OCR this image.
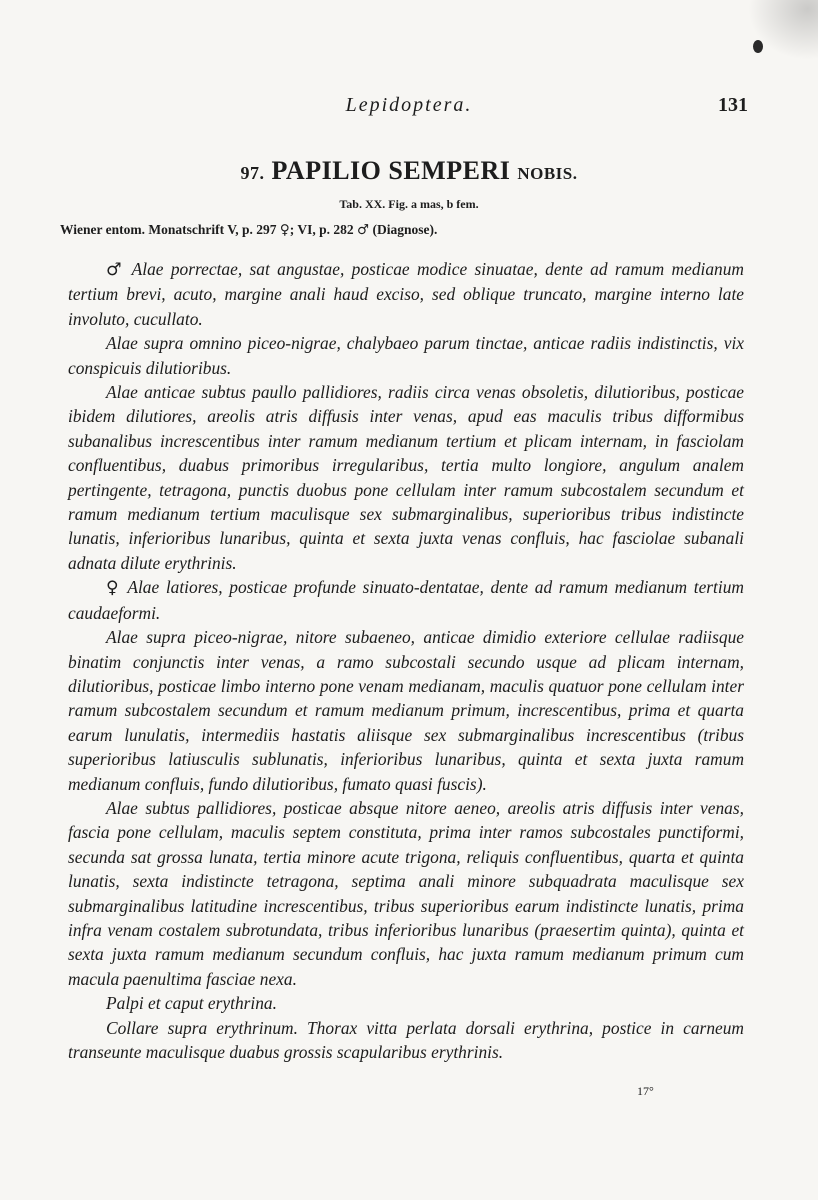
Lepidoptera.	131
97. PAPILIO SEMPERI NOBIS.
Tab. XX. Fig. a mas, b fem.
Wiener entom. Monatschrift V, p. 297 ♀; VI, p. 282 ♂ (Diagnose).

♂ Alae porrectae, sat angustae, posticae modice sinuatae, dente ad ramum medianum tertium brevi, acuto, margine anali haud exciso, sed oblique truncato, margine interno late involuto, cucullato.

Alae supra omnino piceo-nigrae, chalybaeo parum tinctae, anticae radiis indistinctis, vix conspicuis dilutioribus.

Alae anticae subtus paullo pallidiores, radiis circa venas obsoletis, dilutioribus, posticae ibidem dilutiores, areolis atris diffusis inter venas, apud eas maculis tribus difformibus subanalibus increscentibus inter ramum medianum tertium et plicam internam, in fasciolam confluentibus, duabus primoribus irregularibus, tertia multo longiore, angulum analem pertingente, tetragona, punctis duobus pone cellulam inter ramum subcostalem secundum et ramum medianum tertium maculisque sex submarginalibus, superioribus tribus indistincte lunatis, inferioribus lunaribus, quinta et sexta juxta venas confluis, hac fasciolae subanali adnata dilute erythrinis.

♀ Alae latiores, posticae profunde sinuato-dentatae, dente ad ramum medianum tertium caudaeformi.

Alae supra piceo-nigrae, nitore subaeneo, anticae dimidio exteriore cellulae radiisque binatim conjunctis inter venas, a ramo subcostali secundo usque ad plicam internam, dilutioribus, posticae limbo interno pone venam medianam, maculis quatuor pone cellulam inter ramum subcostalem secundum et ramum medianum primum, increscentibus, prima et quarta earum lunulatis, intermediis hastatis aliisque sex submarginalibus increscentibus (tribus superioribus latiusculis sublunatis, inferioribus lunaribus, quinta et sexta juxta ramum medianum confluis, fundo dilutioribus, fumato quasi fuscis).

Alae subtus pallidiores, posticae absque nitore aeneo, areolis atris diffusis inter venas, fascia pone cellulam, maculis septem constituta, prima inter ramos subcostales punctiformi, secunda sat grossa lunata, tertia minore acute trigona, reliquis confluentibus, quarta et quinta lunatis, sexta indistincte tetragona, septima anali minore subquadrata maculisque sex submarginalibus latitudine increscentibus, tribus superioribus earum indistincte lunatis, prima infra venam costalem subrotundata, tribus inferioribus lunaribus (praesertim quinta), quinta et sexta juxta ramum medianum secundum confluis, hac juxta ramum medianum primum cum macula paenultima fasciae nexa.

Palpi et caput erythrina.

Collare supra erythrinum. Thorax vitta perlata dorsali erythrina, postice in carneum transeunte maculisque duabus grossis scapularibus erythrinis.

17°
